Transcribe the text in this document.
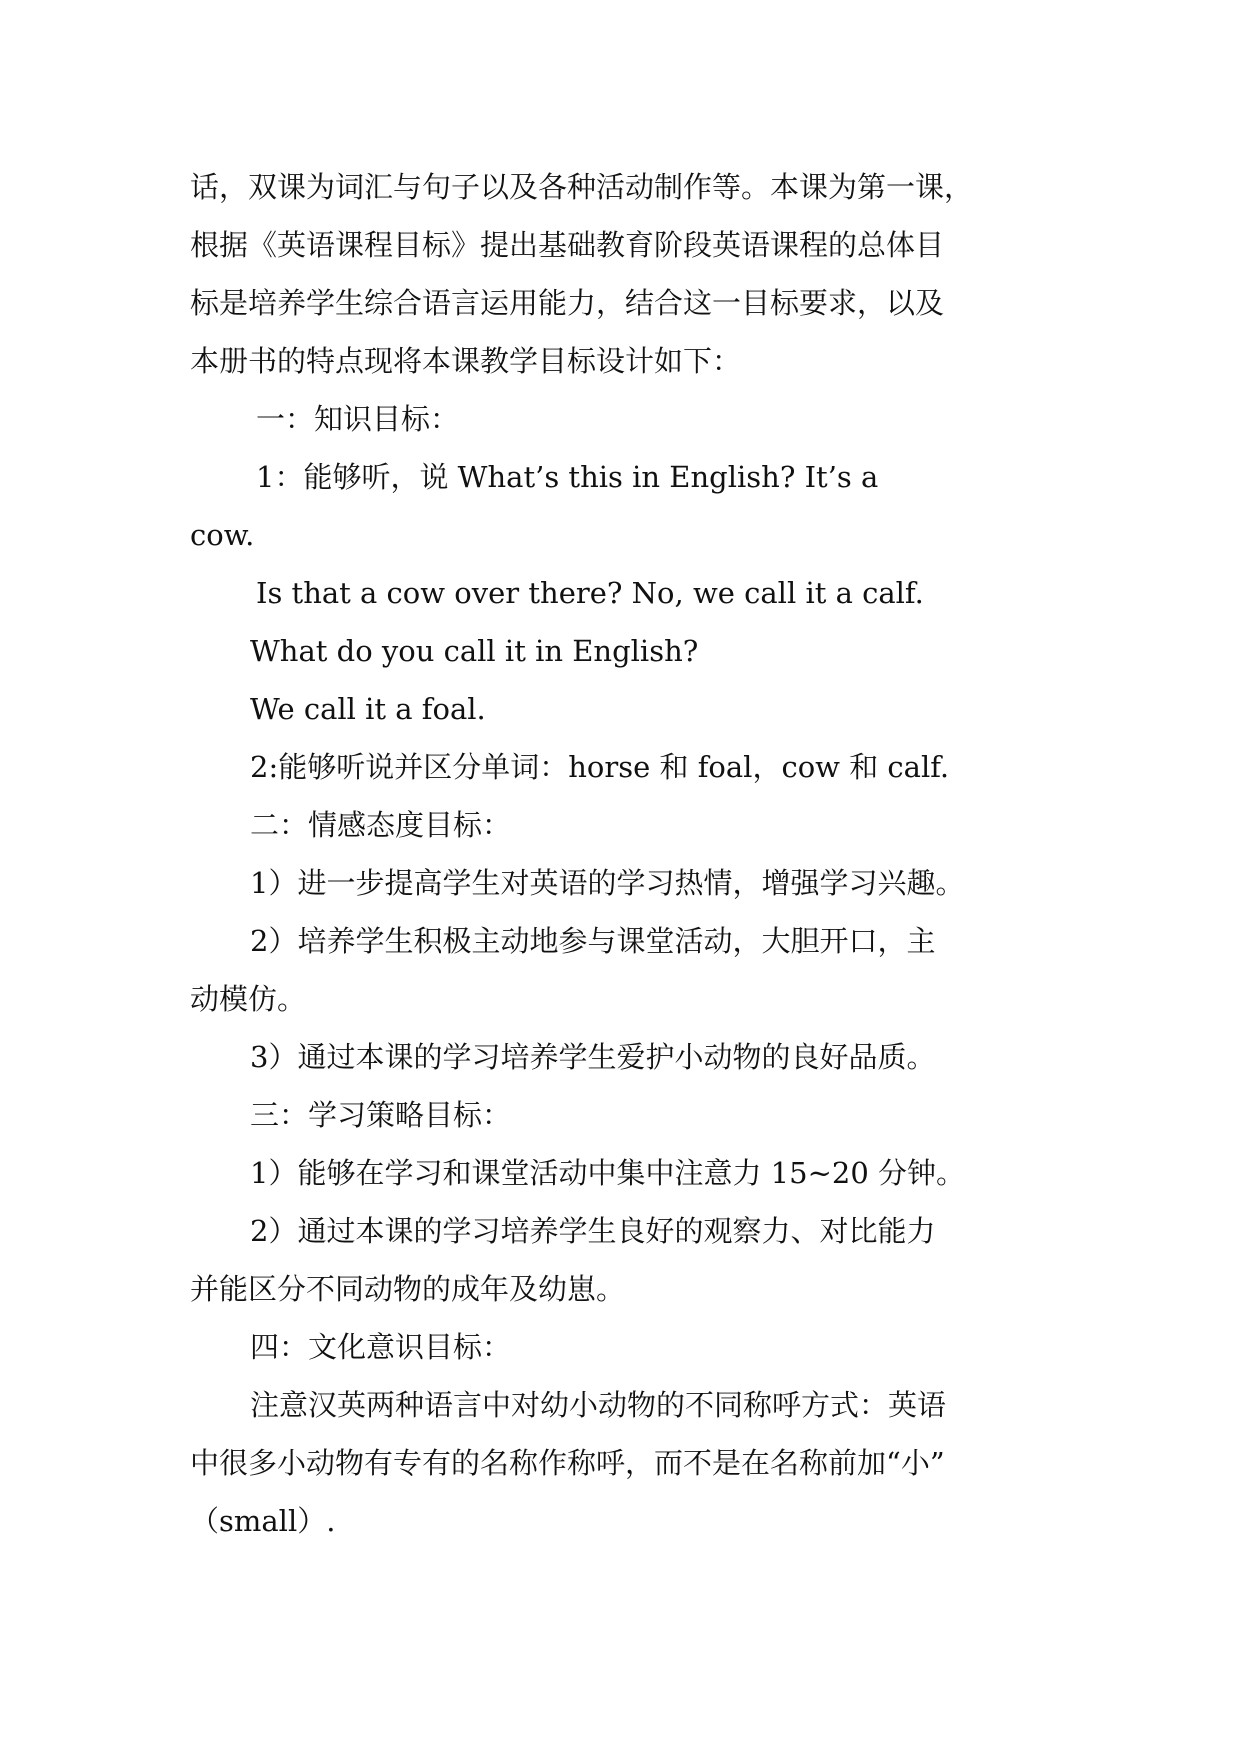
话，双课为词汇与句子以及各种活动制作等。本课为第一课，
根据《英语课程目标》提出基础教育阶段英语课程的总体目
标是培养学生综合语言运用能力，结合这一目标要求，以及
本册书的特点现将本课教学目标设计如下：
一：知识目标：
1：能够听，说 What’s this in English? It’s a
cow.
Is that a cow over there? No, we call it a calf.
What do you call it in English?
We call it a foal.
2:能够听说并区分单词：horse 和 foal，cow 和 calf.
二：情感态度目标：
1）进一步提高学生对英语的学习热情，增强学习兴趣。
2）培养学生积极主动地参与课堂活动，大胆开口，主
动模仿。
3）通过本课的学习培养学生爱护小动物的良好品质。
三：学习策略目标：
1）能够在学习和课堂活动中集中注意力 15~20 分钟。
2）通过本课的学习培养学生良好的观察力、对比能力
并能区分不同动物的成年及幼崽。
四：文化意识目标：
注意汉英两种语言中对幼小动物的不同称呼方式：英语
中很多小动物有专有的名称作称呼，而不是在名称前加“小”
（small）.
